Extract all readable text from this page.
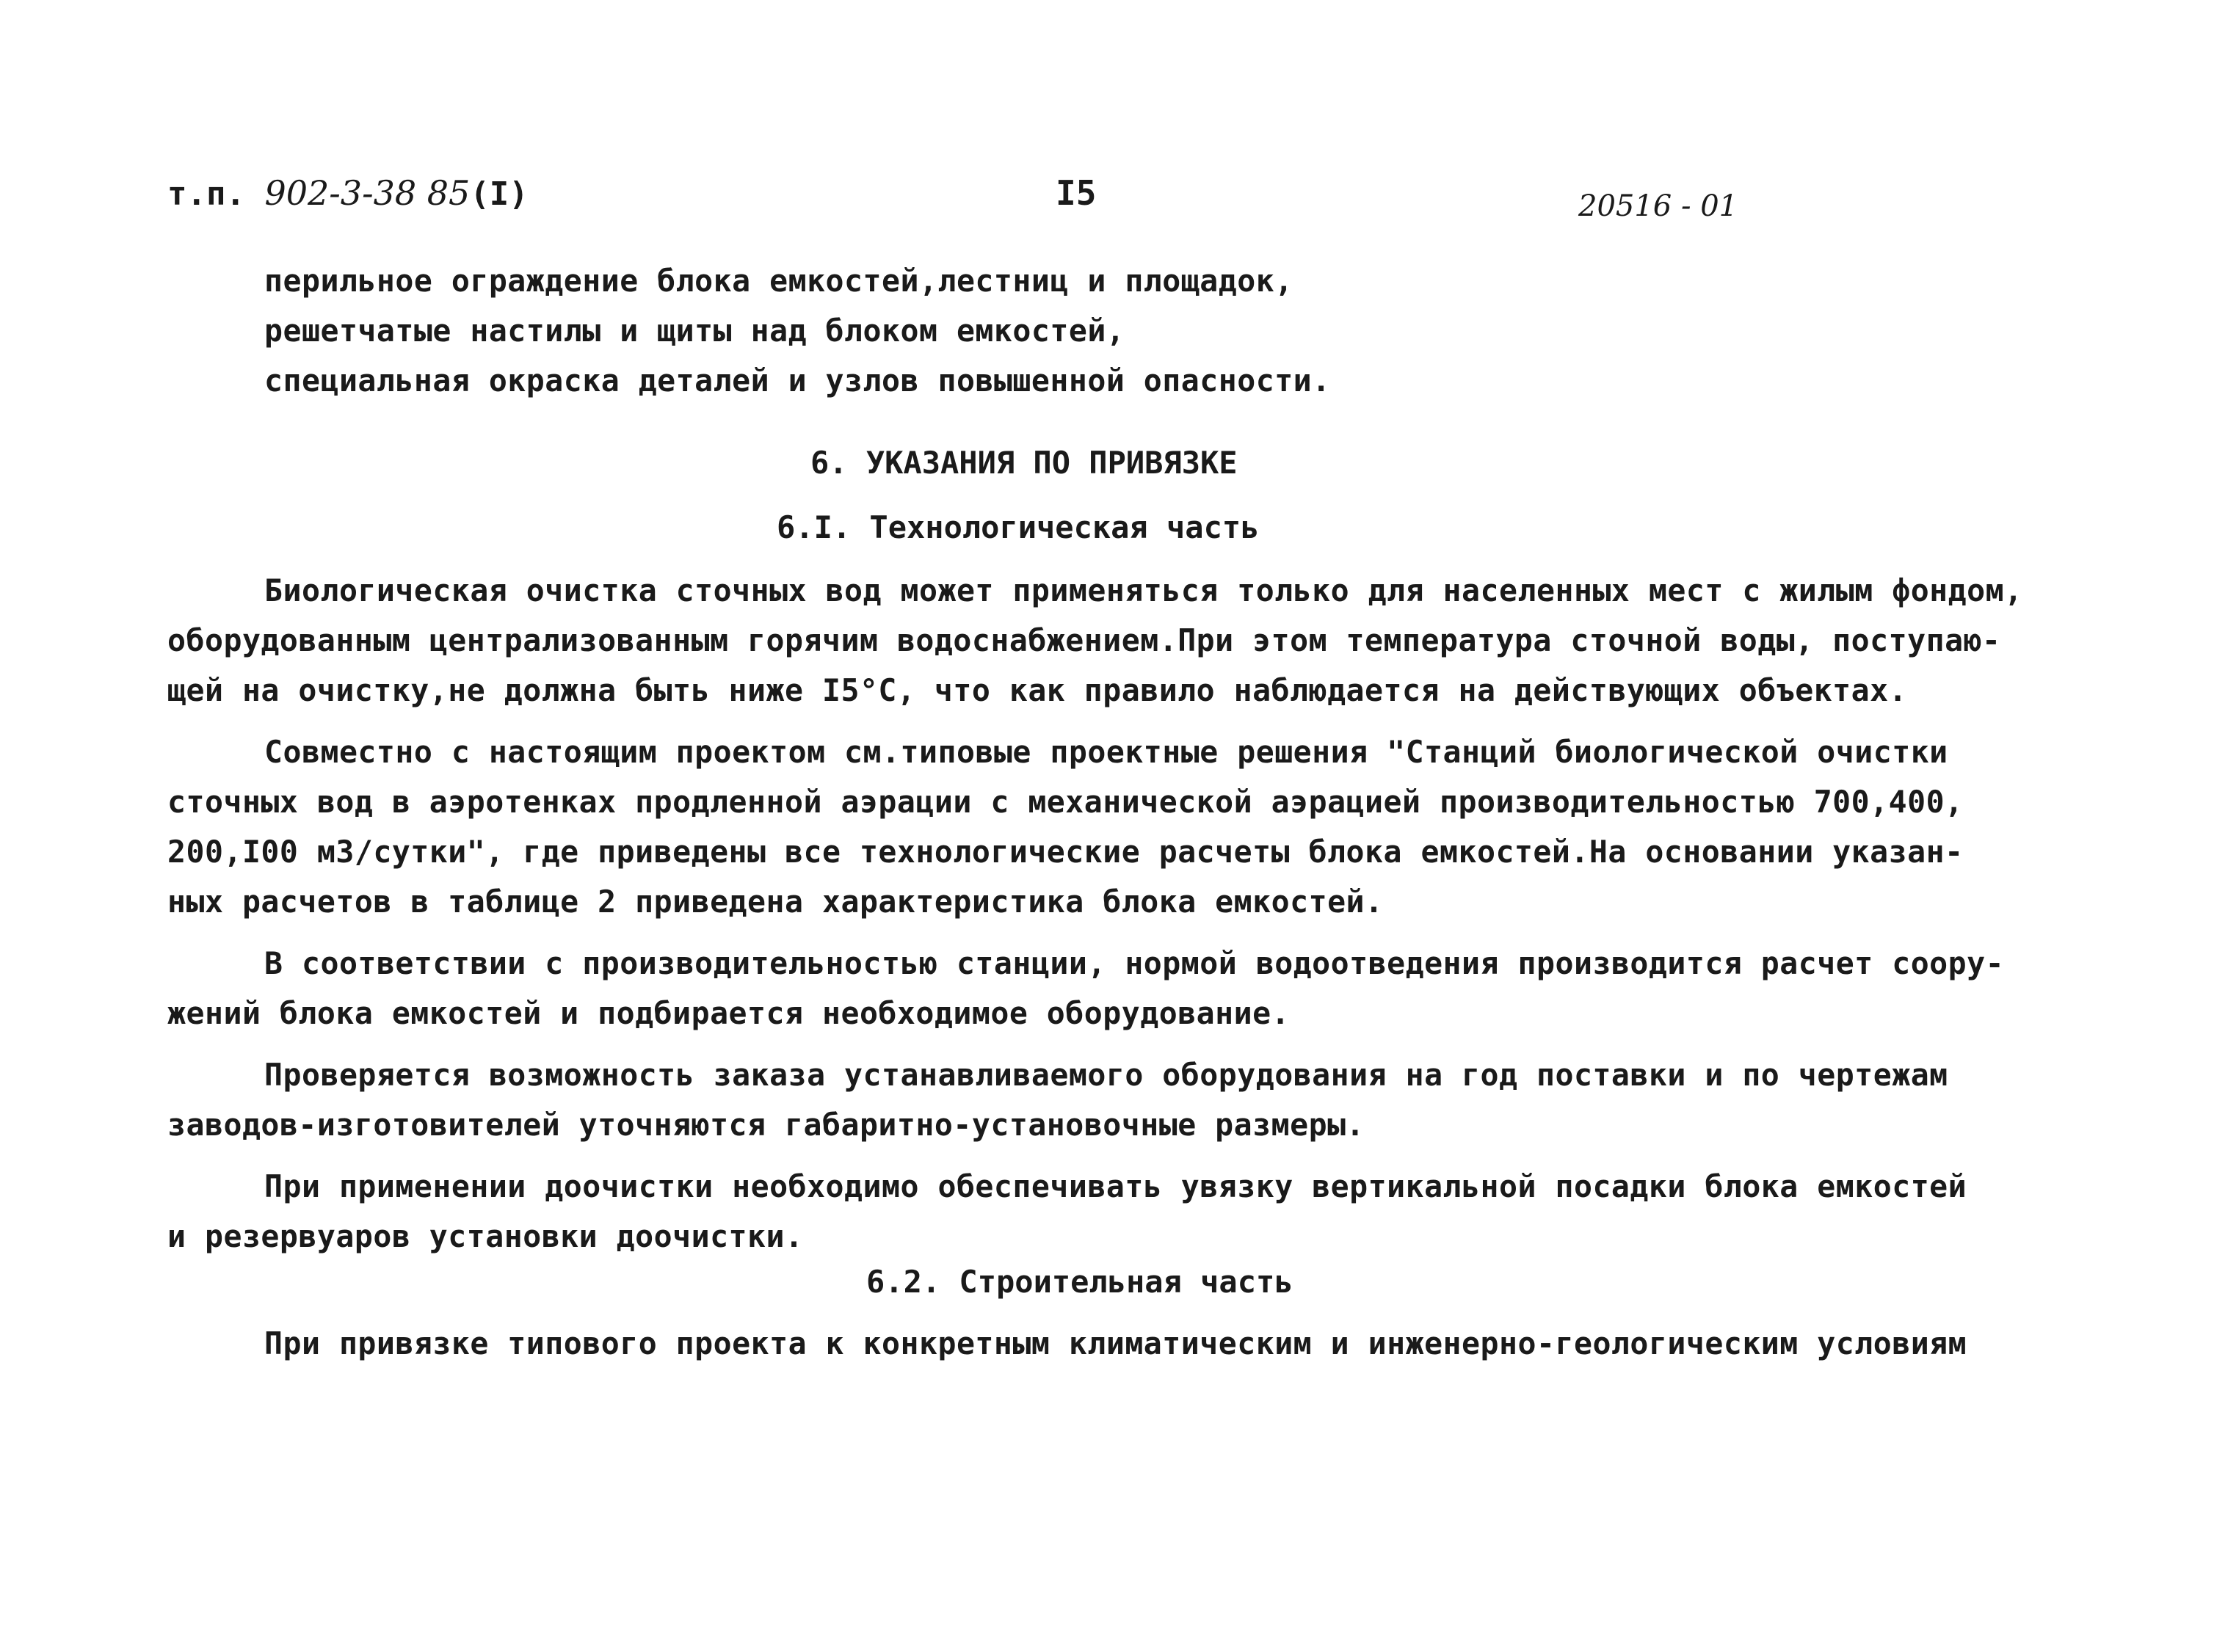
т.п. 902-3-38 85(I)	I5	20516 - 01
перильное ограждение блока емкостей,лестниц и площадок,
решетчатые настилы и щиты над блоком емкостей,
специальная окраска деталей и узлов повышенной опасности.
6. УКАЗАНИЯ ПО ПРИВЯЗКЕ
6.I. Технологическая часть
Биологическая очистка сточных вод может применяться только для населенных мест с жилым фондом,
оборудованным централизованным горячим водоснабжением.При этом температура сточной воды, поступаю-
щей на очистку,не должна быть ниже I5°C, что как правило наблюдается на действующих объектах.
Совместно с настоящим проектом см.типовые проектные решения "Станций биологической очистки
сточных вод в аэротенках продленной аэрации с механической аэрацией производительностью 700,400,
200,I00 м3/сутки", где приведены все технологические расчеты блока емкостей.На основании указан-
ных расчетов в таблице 2 приведена характеристика блока емкостей.
В соответствии с производительностью станции, нормой водоотведения производится расчет соору-
жений блока емкостей и подбирается необходимое оборудование.
Проверяется возможность заказа устанавливаемого оборудования на год поставки и по чертежам
заводов-изготовителей уточняются габаритно-установочные размеры.
При применении доочистки необходимо обеспечивать увязку вертикальной посадки блока емкостей
и резервуаров установки доочистки.
6.2. Строительная часть
При привязке типового проекта к конкретным климатическим и инженерно-геологическим условиям
